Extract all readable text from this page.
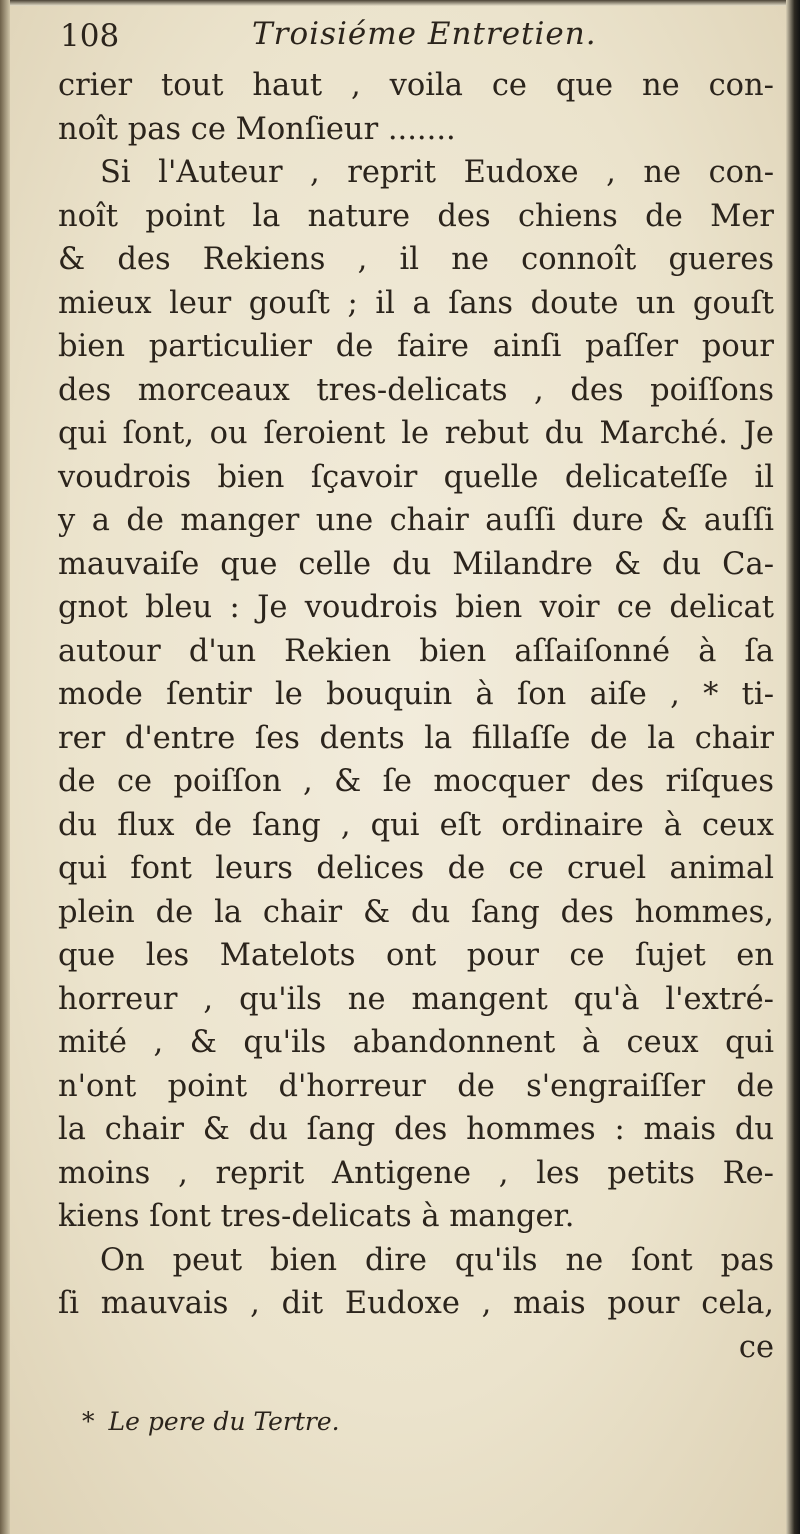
108	Troisiéme Entretien.
crier tout haut , voila ce que ne con-
noît pas ce Monſieur .......
Si l'Auteur , reprit Eudoxe , ne con-
noît point la nature des chiens de Mer
& des Rekiens , il ne connoît gueres
mieux leur gouſt ; il a ſans doute un gouſt
bien particulier de faire ainſi paſſer pour
des morceaux tres-delicats , des poiſſons
qui ſont, ou ſeroient le rebut du Marché. Je
voudrois bien ſçavoir quelle delicateſſe il
y a de manger une chair auſſi dure & auſſi
mauvaiſe que celle du Milandre & du Ca-
gnot bleu : Je voudrois bien voir ce delicat
autour d'un Rekien bien aſſaiſonné à ſa
mode ſentir le bouquin à ſon aiſe , * ti-
rer d'entre ſes dents la fillaſſe de la chair
de ce poiſſon , & ſe mocquer des riſques
du flux de ſang , qui eſt ordinaire à ceux
qui font leurs delices de ce cruel animal
plein de la chair & du ſang des hommes,
que les Matelots ont pour ce ſujet en
horreur , qu'ils ne mangent qu'à l'extré-
mité , & qu'ils abandonnent à ceux qui
n'ont point d'horreur de s'engraiſſer de
la chair & du ſang des hommes : mais du
moins , reprit Antigene , les petits Re-
kiens ſont tres-delicats à manger.
On peut bien dire qu'ils ne ſont pas
ſi mauvais , dit Eudoxe , mais pour cela,
ce
* Le pere du Tertre.
